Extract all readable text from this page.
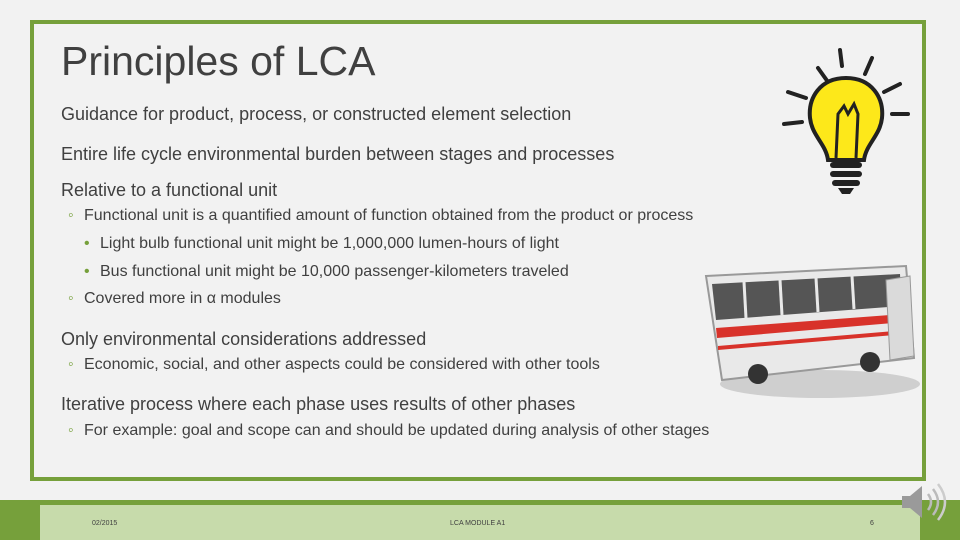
Principles of LCA
Guidance for product, process, or constructed element selection
Entire life cycle environmental burden between stages and processes
Relative to a functional unit
◦ Functional unit is a quantified amount of function obtained from the product or process
• Light bulb functional unit might be 1,000,000 lumen-hours of light
• Bus functional unit might be 10,000 passenger-kilometers traveled
◦ Covered more in α modules
Only environmental considerations addressed
◦ Economic, social, and other aspects could be considered with other tools
Iterative process where each phase uses results of other phases
◦ For example: goal and scope can and should be updated during analysis of other stages
02/2015	LCA MODULE A1	6
